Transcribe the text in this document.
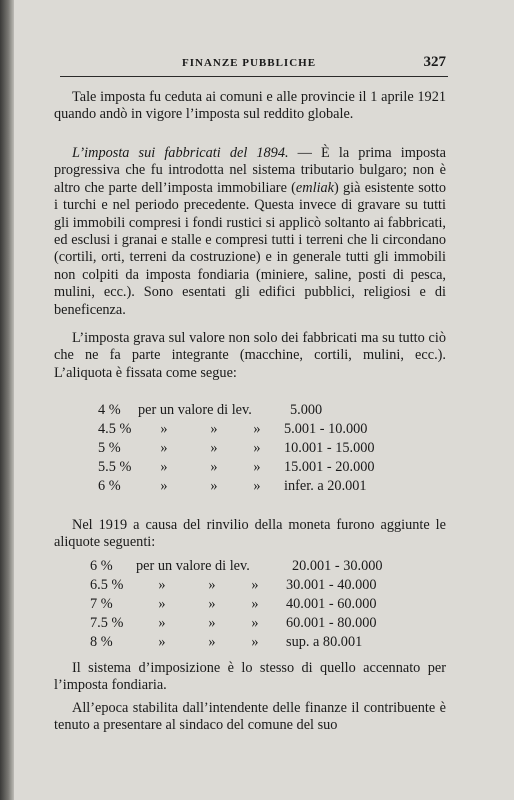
FINANZE PUBBLICHE	327
Tale imposta fu ceduta ai comuni e alle provincie il 1 aprile 1921 quando andò in vigore l’imposta sul reddito globale.
L’imposta sui fabbricati del 1894. — È la prima imposta progressiva che fu introdotta nel sistema tributario bulgaro; non è altro che parte dell’imposta immobiliare (emliak) già esistente sotto i turchi e nel periodo precedente. Questa invece di gravare su tutti gli immobili compresi i fondi rustici si applicò soltanto ai fabbricati, ed esclusi i granai e stalle e compresi tutti i terreni che li circondano (cortili, orti, terreni da costruzione) e in generale tutti gli immobili non colpiti da imposta fondiaria (miniere, saline, posti di pesca, mulini, ecc.). Sono esentati gli edifici pubblici, religiosi e di beneficenza.
L’imposta grava sul valore non solo dei fabbricati ma su tutto ciò che ne fa parte integrante (macchine, cortili, mulini, ecc.). L’aliquota è fissata come segue:
4 %	per un valore di lev.		5.000
4.5 %	» »	»	5.001 - 10.000
5 %	» »	»	10.001 - 15.000
5.5 %	» »	»	15.001 - 20.000
6 %	» »	»	infer. a 20.001
Nel 1919 a causa del rinvilio della moneta furono aggiunte le aliquote seguenti:
6 %	per un valore di lev.		20.001 - 30.000
6.5 %	» »	»	30.001 - 40.000
7 %	» »	»	40.001 - 60.000
7.5 %	» »	»	60.001 - 80.000
8 %	» »	»	sup. a 80.001
Il sistema d’imposizione è lo stesso di quello accennato per l’imposta fondiaria.
All’epoca stabilita dall’intendente delle finanze il contribuente è tenuto a presentare al sindaco del comune del suo
